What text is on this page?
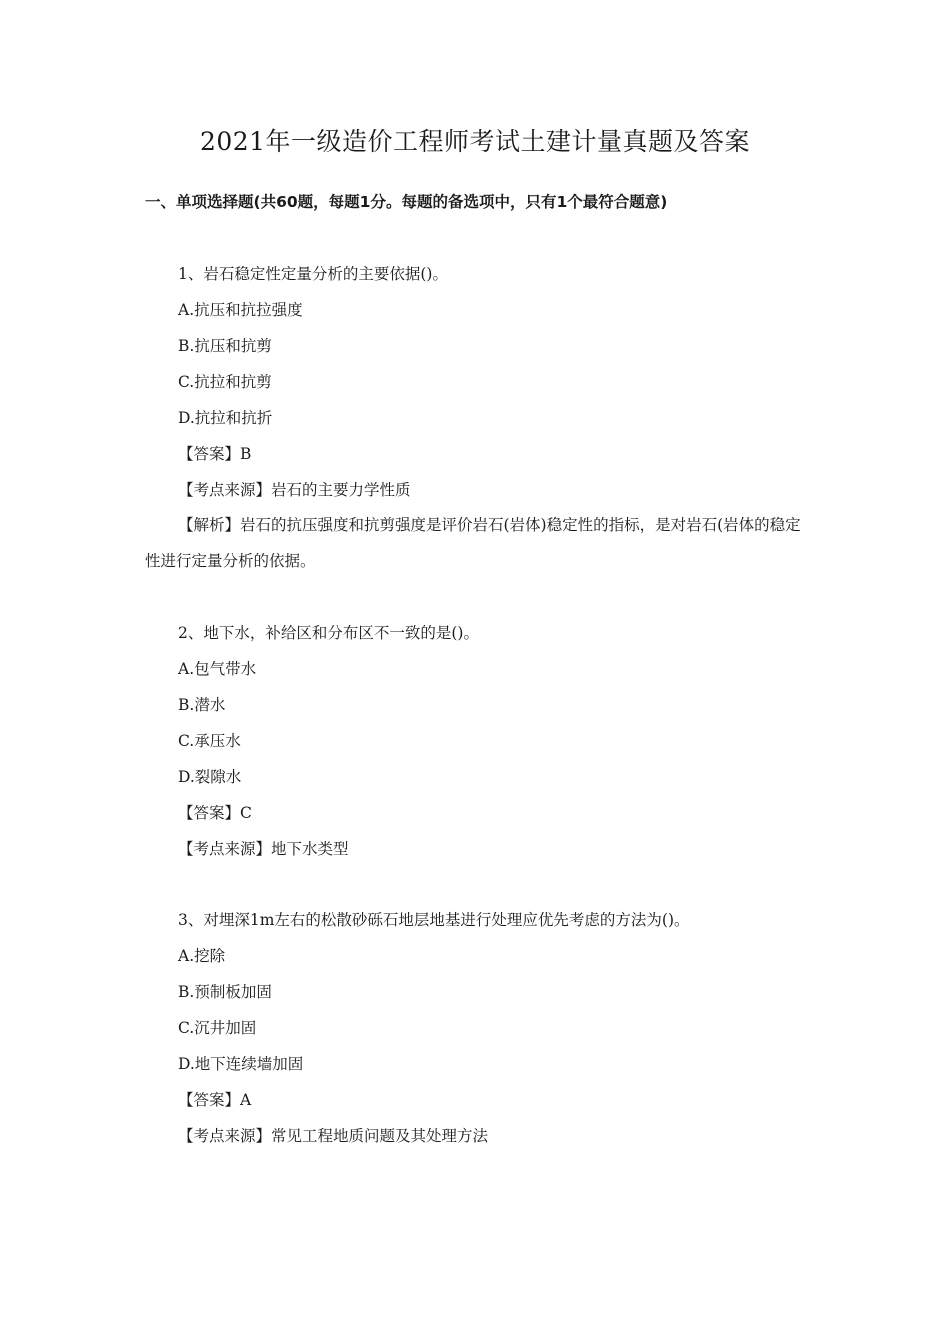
2021年一级造价工程师考试土建计量真题及答案
一、单项选择题(共60题，每题1分。每题的备选项中，只有1个最符合题意)
1、岩石稳定性定量分析的主要依据()。
A.抗压和抗拉强度
B.抗压和抗剪
C.抗拉和抗剪
D.抗拉和抗折
【答案】B
【考点来源】岩石的主要力学性质
【解析】岩石的抗压强度和抗剪强度是评价岩石(岩体)稳定性的指标，是对岩石(岩体的稳定性进行定量分析的依据。
2、地下水，补给区和分布区不一致的是()。
A.包气带水
B.潜水
C.承压水
D.裂隙水
【答案】C
【考点来源】地下水类型
3、对埋深1m左右的松散砂砾石地层地基进行处理应优先考虑的方法为()。
A.挖除
B.预制板加固
C.沉井加固
D.地下连续墙加固
【答案】A
【考点来源】常见工程地质问题及其处理方法
